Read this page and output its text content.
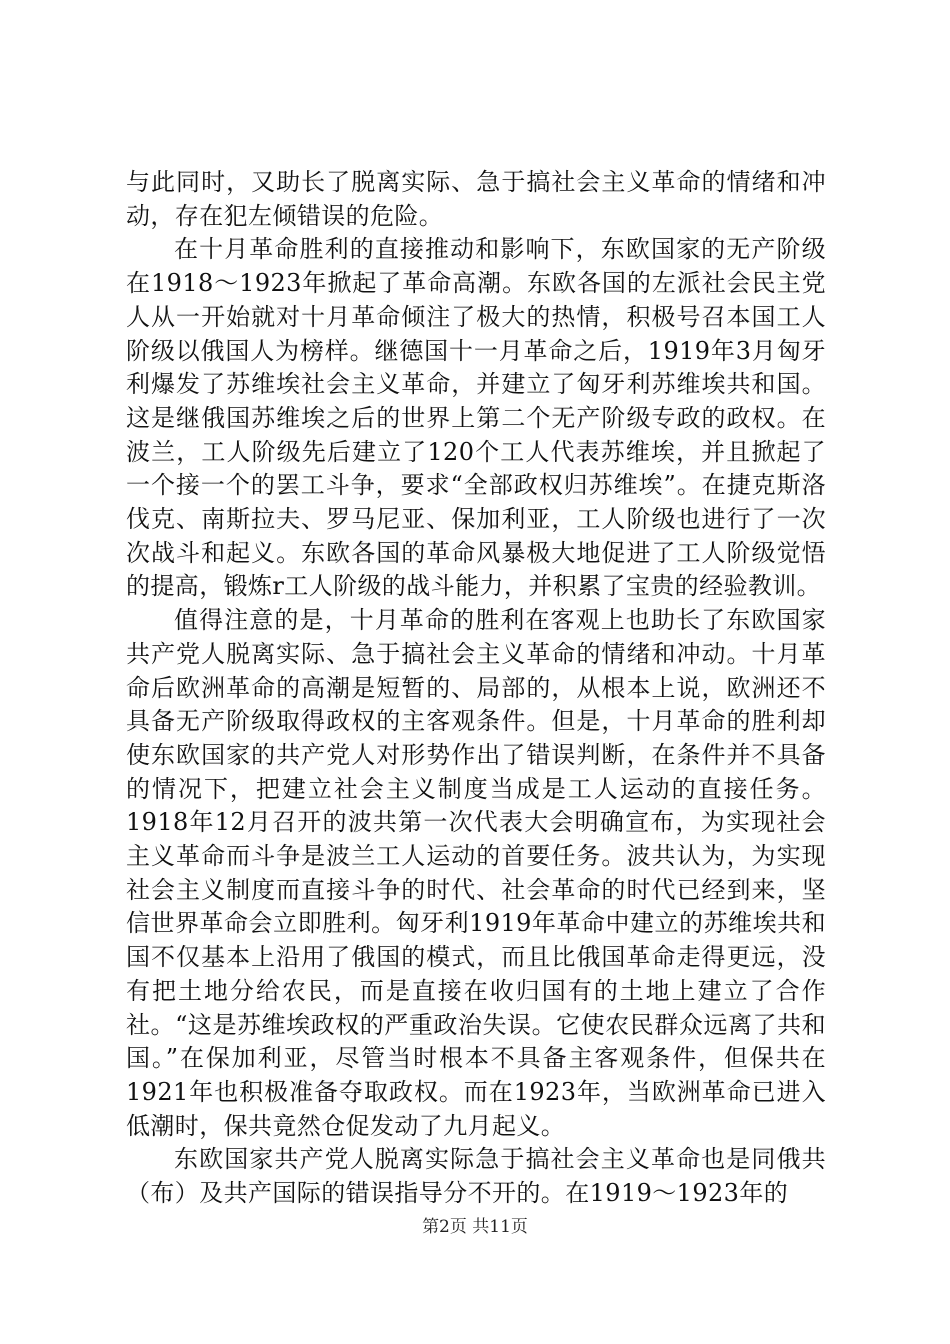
与此同时，又助长了脱离实际、急于搞社会主义革命的情绪和冲动，存在犯左倾错误的危险。

在十月革命胜利的直接推动和影响下，东欧国家的无产阶级在1918～1923年掀起了革命高潮。东欧各国的左派社会民主党人从一开始就对十月革命倾注了极大的热情，积极号召本国工人阶级以俄国人为榜样。继德国十一月革命之后，1919年3月匈牙利爆发了苏维埃社会主义革命，并建立了匈牙利苏维埃共和国。这是继俄国苏维埃之后的世界上第二个无产阶级专政的政权。在波兰，工人阶级先后建立了120个工人代表苏维埃，并且掀起了一个接一个的罢工斗争，要求“全部政权归苏维埃”。在捷克斯洛伐克、南斯拉夫、罗马尼亚、保加利亚，工人阶级也进行了一次次战斗和起义。东欧各国的革命风暴极大地促进了工人阶级觉悟的提高，锻炼r工人阶级的战斗能力，并积累了宝贵的经验教训。

值得注意的是，十月革命的胜利在客观上也助长了东欧国家共产党人脱离实际、急于搞社会主义革命的情绪和冲动。十月革命后欧洲革命的高潮是短暂的、局部的，从根本上说，欧洲还不具备无产阶级取得政权的主客观条件。但是，十月革命的胜利却使东欧国家的共产党人对形势作出了错误判断，在条件并不具备的情况下，把建立社会主义制度当成是工人运动的直接任务。1918年12月召开的波共第一次代表大会明确宣布，为实现社会主义革命而斗争是波兰工人运动的首要任务。波共认为，为实现社会主义制度而直接斗争的时代、社会革命的时代已经到来，坚信世界革命会立即胜利。匈牙利1919年革命中建立的苏维埃共和国不仅基本上沿用了俄国的模式，而且比俄国革命走得更远，没有把土地分给农民，而是直接在收归国有的土地上建立了合作社。“这是苏维埃政权的严重政治失误。它使农民群众远离了共和国。”在保加利亚，尽管当时根本不具备主客观条件，但保共在1921年也积极准备夺取政权。而在1923年，当欧洲革命已进入低潮时，保共竟然仓促发动了九月起义。

东欧国家共产党人脱离实际急于搞社会主义革命也是同俄共（布）及共产国际的错误指导分不开的。在1919～1923年的

第2页 共11页
